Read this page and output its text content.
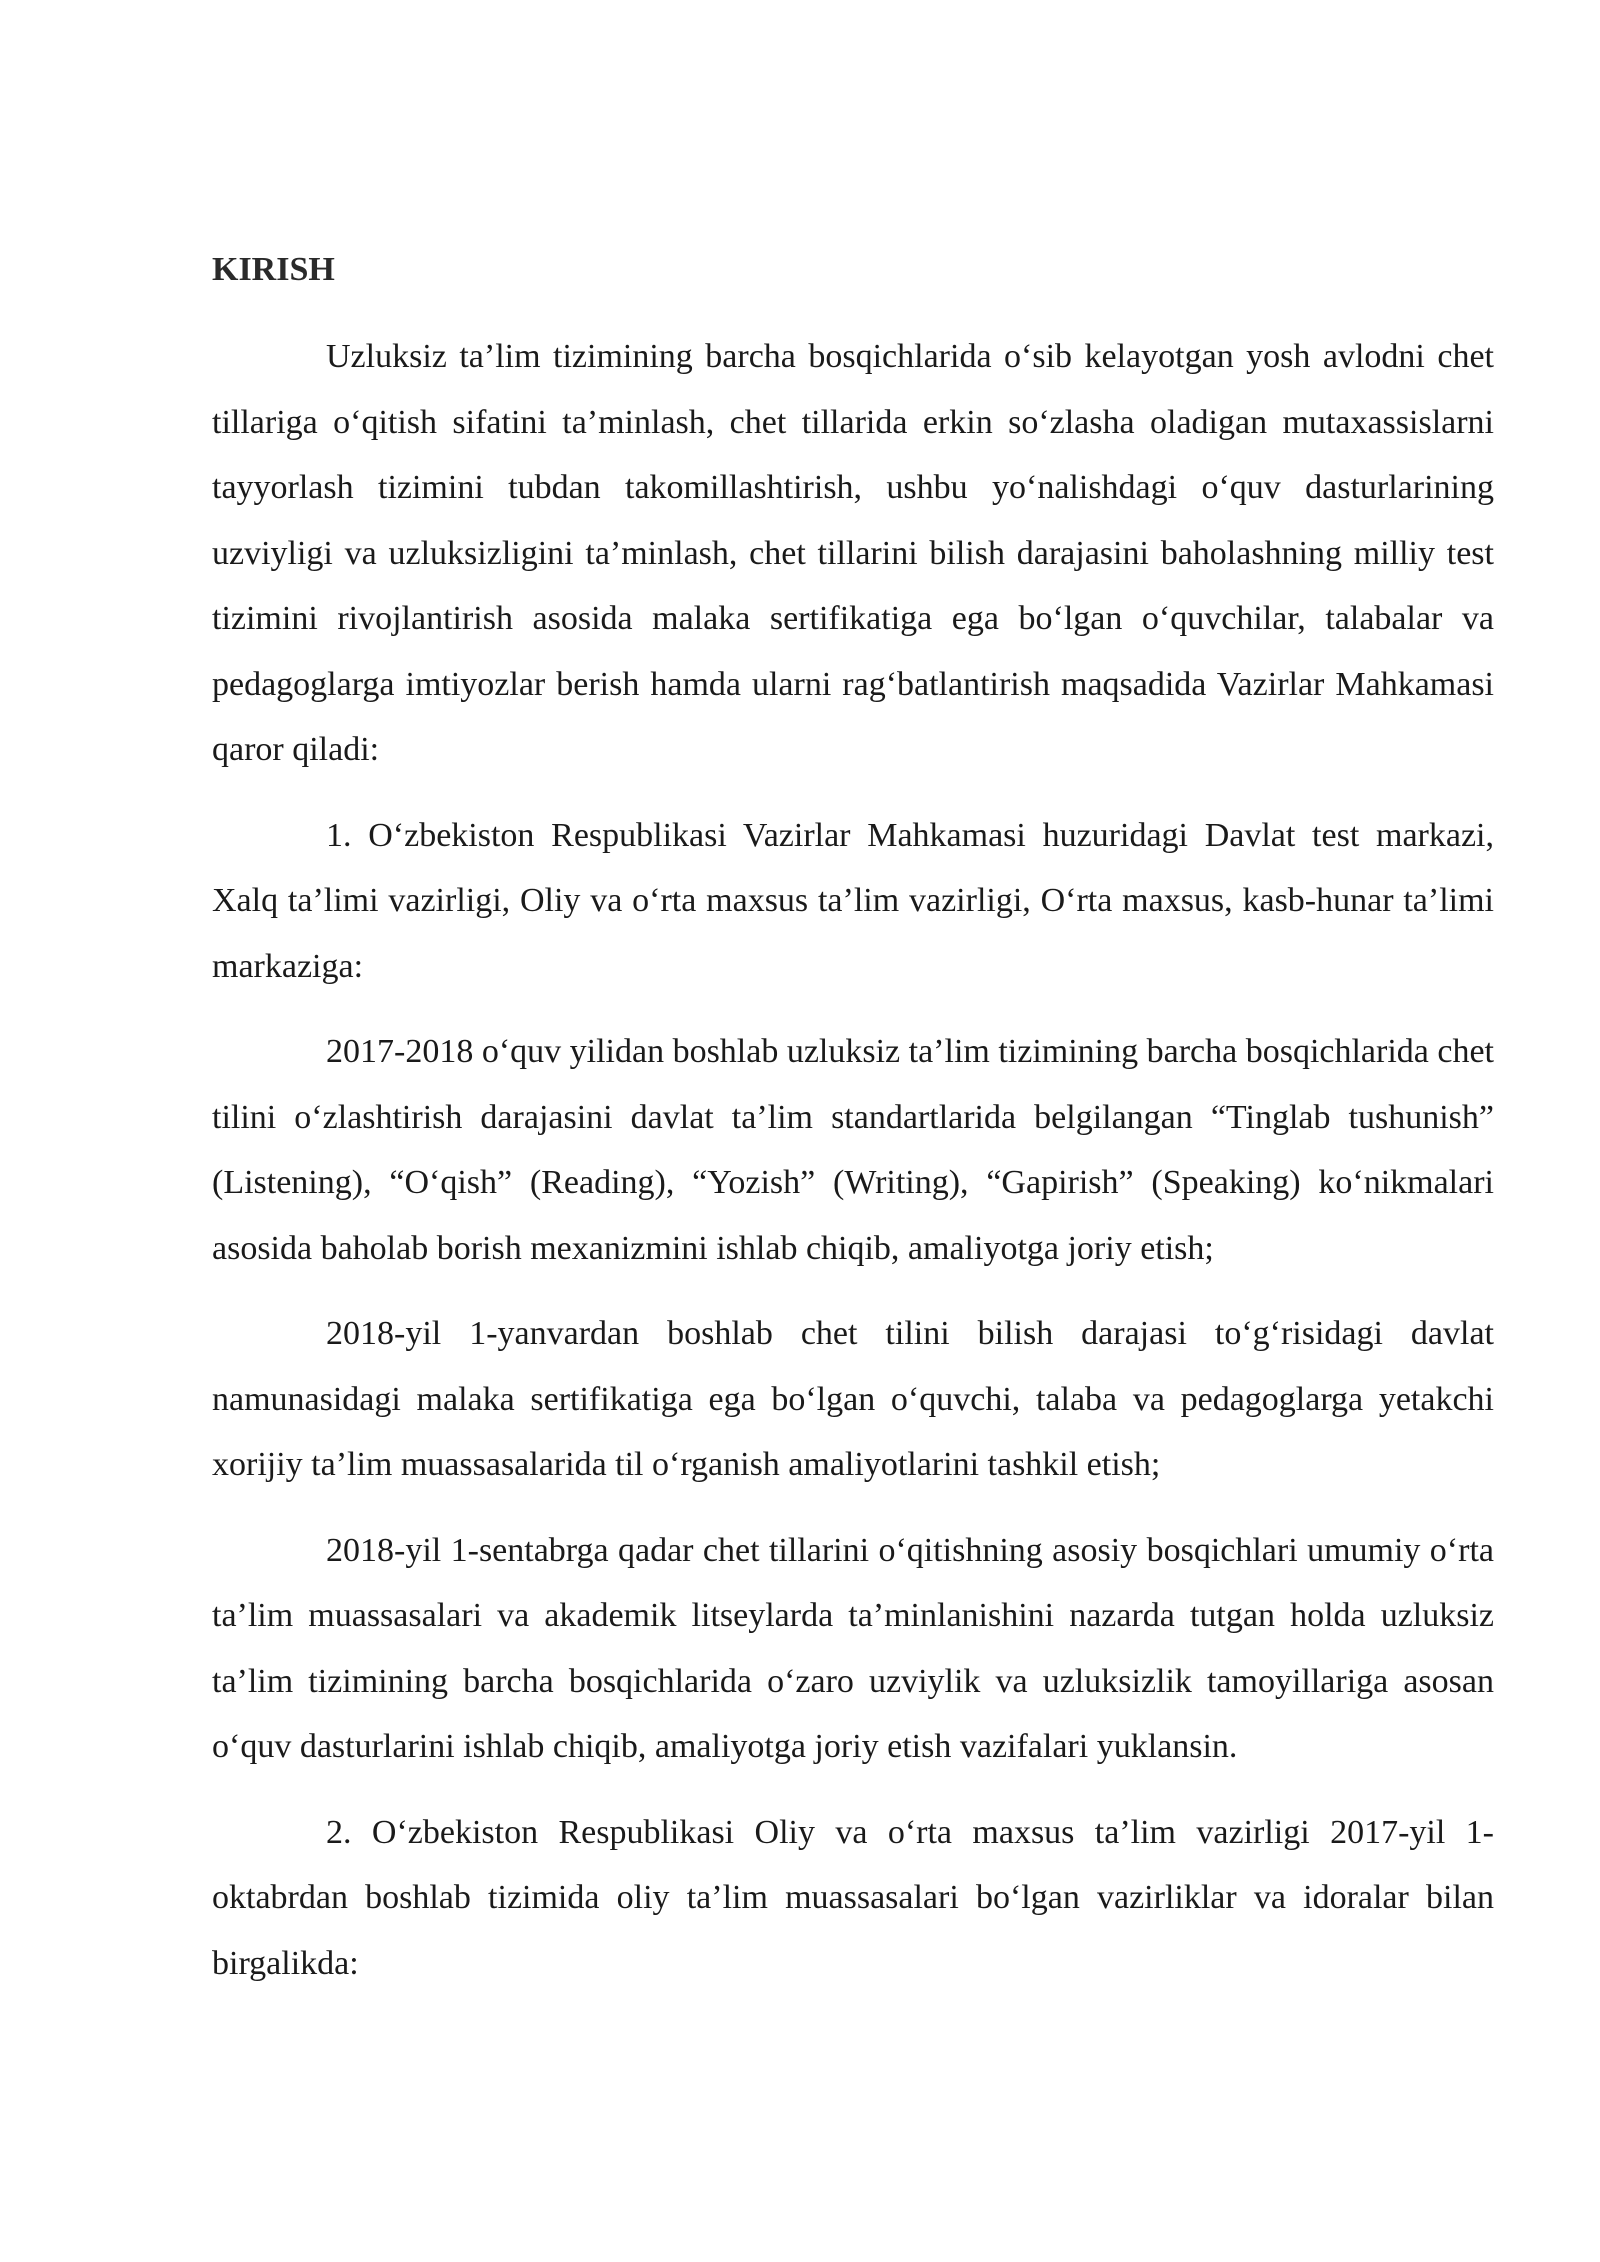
KIRISH

Uzluksiz ta’lim tizimining barcha bosqichlarida o‘sib kelayotgan yosh avlodni chet tillariga o‘qitish sifatini ta’minlash, chet tillarida erkin so‘zlasha oladigan mutaxassislarni tayyorlash tizimini tubdan takomillashtirish, ushbu yo‘nalishdagi o‘quv dasturlarining uzviyligi va uzluksizligini ta’minlash, chet tillarini bilish darajasini baholashning milliy test tizimini rivojlantirish asosida malaka sertifikatiga ega bo‘lgan o‘quvchilar, talabalar va pedagoglarga imtiyozlar berish hamda ularni rag‘batlantirish maqsadida Vazirlar Mahkamasi qaror qiladi:

1. O‘zbekiston Respublikasi Vazirlar Mahkamasi huzuridagi Davlat test markazi, Xalq ta’limi vazirligi, Oliy va o‘rta maxsus ta’lim vazirligi, O‘rta maxsus, kasb-hunar ta’limi markaziga:

2017-2018 o‘quv yilidan boshlab uzluksiz ta’lim tizimining barcha bosqichlarida chet tilini o‘zlashtirish darajasini davlat ta’lim standartlarida belgilangan “Tinglab tushunish” (Listening), “O‘qish” (Reading), “Yozish” (Writing), “Gapirish” (Speaking) ko‘nikmalari asosida baholab borish mexanizmini ishlab chiqib, amaliyotga joriy etish;

2018-yil 1-yanvardan boshlab chet tilini bilish darajasi to‘g‘risidagi davlat namunasidagi malaka sertifikatiga ega bo‘lgan o‘quvchi, talaba va pedagoglarga yetakchi xorijiy ta’lim muassasalarida til o‘rganish amaliyotlarini tashkil etish;

2018-yil 1-sentabrga qadar chet tillarini o‘qitishning asosiy bosqichlari umumiy o‘rta ta’lim muassasalari va akademik litseylarda ta’minlanishini nazarda tutgan holda uzluksiz ta’lim tizimining barcha bosqichlarida o‘zaro uzviylik va uzluksizlik tamoyillariga asosan o‘quv dasturlarini ishlab chiqib, amaliyotga joriy etish vazifalari yuklansin.

2. O‘zbekiston Respublikasi Oliy va o‘rta maxsus ta’lim vazirligi 2017-yil 1-oktabrdan boshlab tizimida oliy ta’lim muassasalari bo‘lgan vazirliklar va idoralar bilan birgalikda:
